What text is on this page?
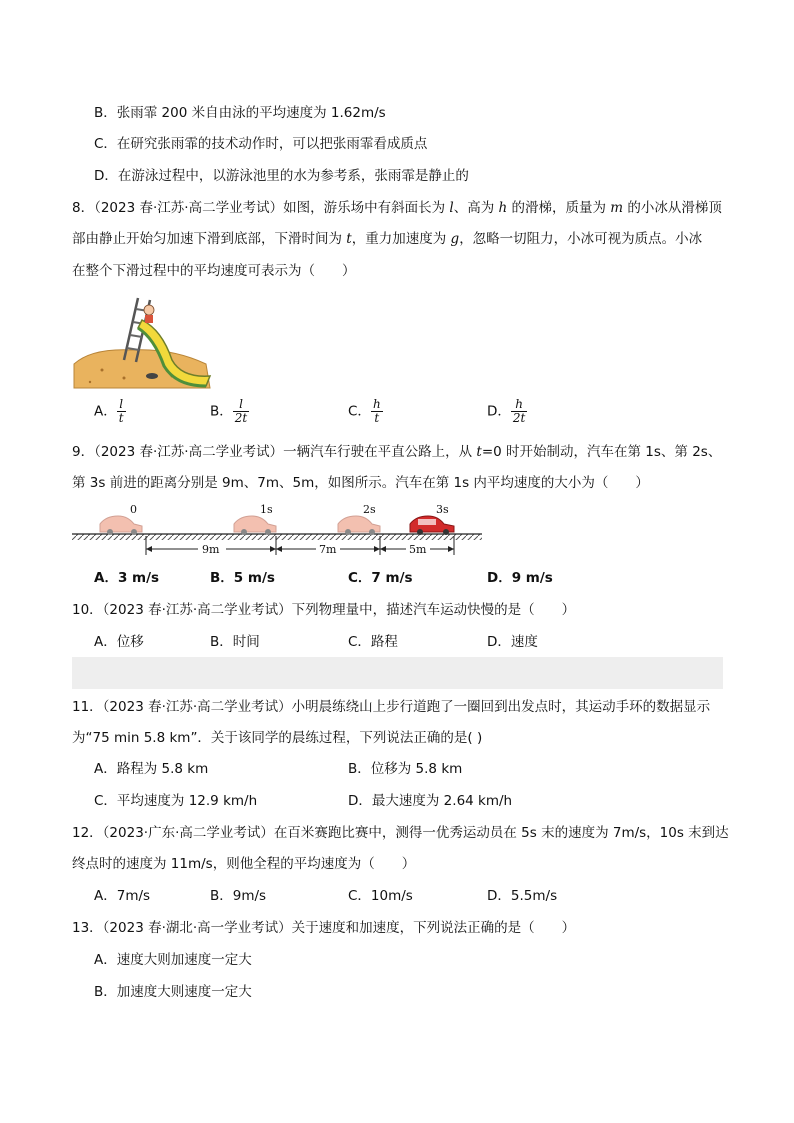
B．张雨霏 200 米自由泳的平均速度为 1.62m/s
C．在研究张雨霏的技术动作时，可以把张雨霏看成质点
D．在游泳过程中，以游泳池里的水为参考系，张雨霏是静止的
8．（2023 春·江苏·高二学业考试）如图，游乐场中有斜面长为 l、高为 h 的滑梯，质量为 m 的小冰从滑梯顶
部由静止开始匀加速下滑到底部，下滑时间为 t，重力加速度为 g，忽略一切阻力，小冰可视为质点。小冰
在整个下滑过程中的平均速度可表示为（　　）
A． $\frac{l}{t}$	B． $\frac{l}{2t}$	C． $\frac{h}{t}$	D． $\frac{h}{2t}$
9．（2023 春·江苏·高二学业考试）一辆汽车行驶在平直公路上，从 t=0 时开始制动，汽车在第 1s、第 2s、
第 3s 前进的距离分别是 9m、7m、5m，如图所示。汽车在第 1s 内平均速度的大小为（　　）
0	1s	2s	3s
9m	7m	5m
A．3 m/s	B．5 m/s	C．7 m/s	D．9 m/s
10．（2023 春·江苏·高二学业考试）下列物理量中，描述汽车运动快慢的是（　　）
A．位移	B．时间	C．路程	D．速度
11．（2023 春·江苏·高二学业考试）小明晨练绕山上步行道跑了一圈回到出发点时，其运动手环的数据显示
为“75 min 5.8 km”．关于该同学的晨练过程，下列说法正确的是( )
A．路程为 5.8 km	B．位移为 5.8 km
C．平均速度为 12.9 km/h	D．最大速度为 2.64 km/h
12．（2023·广东·高二学业考试）在百米赛跑比赛中，测得一优秀运动员在 5s 末的速度为 7m/s，10s 末到达
终点时的速度为 11m/s，则他全程的平均速度为（　　）
A．7m/s	B．9m/s	C．10m/s	D．5.5m/s
13．（2023 春·湖北·高一学业考试）关于速度和加速度，下列说法正确的是（　　）
A．速度大则加速度一定大
B．加速度大则速度一定大
